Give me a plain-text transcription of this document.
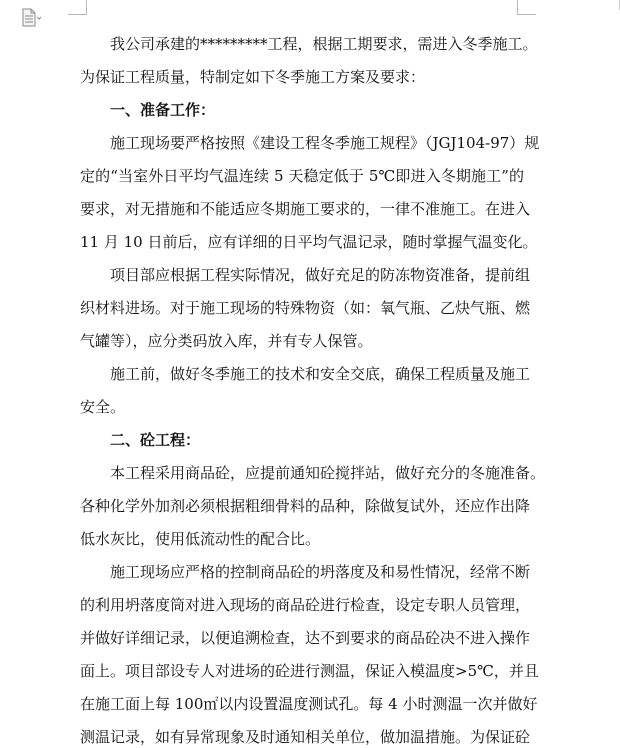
我公司承建的*********工程，根据工期要求，需进入冬季施工。
为保证工程质量，特制定如下冬季施工方案及要求：
一、准备工作：
施工现场要严格按照《建设工程冬季施工规程》（JGJ104-97）规
定的“当室外日平均气温连续 5 天稳定低于 5℃即进入冬期施工”的
要求，对无措施和不能适应冬期施工要求的，一律不准施工。在进入
11 月 10 日前后，应有详细的日平均气温记录，随时掌握气温变化。
项目部应根据工程实际情况，做好充足的防冻物资准备，提前组
织材料进场。对于施工现场的特殊物资（如：氧气瓶、乙炔气瓶、燃
气罐等），应分类码放入库，并有专人保管。
施工前，做好冬季施工的技术和安全交底，确保工程质量及施工
安全。
二、砼工程：
本工程采用商品砼，应提前通知砼搅拌站，做好充分的冬施准备。
各种化学外加剂必须根据粗细骨料的品种，除做复试外，还应作出降
低水灰比，使用低流动性的配合比。
施工现场应严格的控制商品砼的坍落度及和易性情况，经常不断
的利用坍落度筒对进入现场的商品砼进行检查，设定专职人员管理，
并做好详细记录，以便追溯检查，达不到要求的商品砼决不进入操作
面上。项目部设专人对进场的砼进行测温，保证入模温度>5℃，并且
在施工面上每 100㎡以内设置温度测试孔。每 4 小时测温一次并做好
测温记录，如有异常现象及时通知相关单位，做加温措施。为保证砼
